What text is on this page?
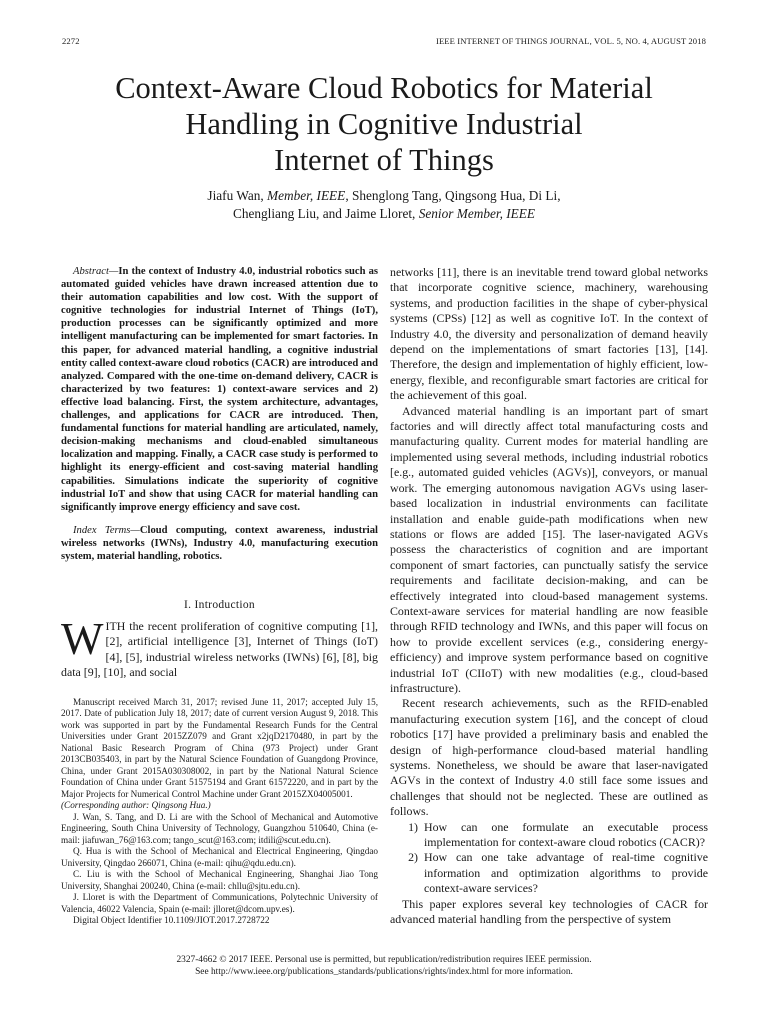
2272	IEEE INTERNET OF THINGS JOURNAL, VOL. 5, NO. 4, AUGUST 2018
Context-Aware Cloud Robotics for Material
Handling in Cognitive Industrial
Internet of Things
Jiafu Wan, Member, IEEE, Shenglong Tang, Qingsong Hua, Di Li,
Chengliang Liu, and Jaime Lloret, Senior Member, IEEE

Abstract—In the context of Industry 4.0, industrial robotics such as automated guided vehicles have drawn increased attention due to their automation capabilities and low cost. With the support of cognitive technologies for industrial Internet of Things (IoT), production processes can be significantly optimized and more intelligent manufacturing can be implemented for smart factories. In this paper, for advanced material handling, a cognitive industrial entity called context-aware cloud robotics (CACR) are introduced and analyzed. Compared with the one-time on-demand delivery, CACR is characterized by two features: 1) context-aware services and 2) effective load balancing. First, the system architecture, advantages, challenges, and applications for CACR are introduced. Then, fundamental functions for material handling are articulated, namely, decision-making mechanisms and cloud-enabled simultaneous localization and mapping. Finally, a CACR case study is performed to highlight its energy-efficient and cost-saving material handling capabilities. Simulations indicate the superiority of cognitive industrial IoT and show that using CACR for material handling can significantly improve energy efficiency and save cost.

Index Terms—Cloud computing, context awareness, industrial wireless networks (IWNs), Industry 4.0, manufacturing execution system, material handling, robotics.

I. Introduction
W ITH the recent proliferation of cognitive computing [1], [2], artificial intelligence [3], Internet of Things (IoT) [4], [5], industrial wireless networks (IWNs) [6], [8], big data [9], [10], and social

Manuscript received March 31, 2017; revised June 11, 2017; accepted July 15, 2017. Date of publication July 18, 2017; date of current version August 9, 2018. This work was supported in part by the Fundamental Research Funds for the Central Universities under Grant 2015ZZ079 and Grant x2jqD2170480, in part by the National Basic Research Program of China (973 Project) under Grant 2013CB035403, in part by the Natural Science Foundation of Guangdong Province, China, under Grant 2015A030308002, in part by the National Natural Science Foundation of China under Grant 51575194 and Grant 61572220, and in part by the Major Projects for Numerical Control Machine under Grant 2015ZX04005001.
(Corresponding author: Qingsong Hua.)

J. Wan, S. Tang, and D. Li are with the School of Mechanical and Automotive Engineering, South China University of Technology, Guangzhou 510640, China (e-mail: jiafuwan_76@163.com; tango_scut@163.com; itdili@scut.edu.cn).

Q. Hua is with the School of Mechanical and Electrical Engineering, Qingdao University, Qingdao 266071, China (e-mail: qihu@qdu.edu.cn).

C. Liu is with the School of Mechanical Engineering, Shanghai Jiao Tong University, Shanghai 200240, China (e-mail: chllu@sjtu.edu.cn).

J. Lloret is with the Department of Communications, Polytechnic University of Valencia, 46022 Valencia, Spain (e-mail: jlloret@dcom.upv.es).

Digital Object Identifier 10.1109/JIOT.2017.2728722

networks [11], there is an inevitable trend toward global networks that incorporate cognitive science, machinery, warehousing systems, and production facilities in the shape of cyber-physical systems (CPSs) [12] as well as cognitive IoT. In the context of Industry 4.0, the diversity and personalization of demand heavily depend on the implementations of smart factories [13], [14]. Therefore, the design and implementation of highly efficient, low-energy, flexible, and reconfigurable smart factories are critical for the achievement of this goal.

Advanced material handling is an important part of smart factories and will directly affect total manufacturing costs and manufacturing quality. Current modes for material handling are implemented using several methods, including industrial robotics [e.g., automated guided vehicles (AGVs)], conveyors, or manual work. The emerging autonomous navigation AGVs using laser-based localization in industrial environments can facilitate installation and enable guide-path modifications when new stations or flows are added [15]. The laser-navigated AGVs possess the characteristics of cognition and are important component of smart factories, can punctually satisfy the service requirements and facilitate decision-making, and can be effectively integrated into cloud-based management systems. Context-aware services for material handling are now feasible through RFID technology and IWNs, and this paper will focus on how to provide excellent services (e.g., considering energy-efficiency) and improve system performance based on cognitive industrial IoT (CIIoT) with new modalities (e.g., cloud-based infrastructure).

Recent research achievements, such as the RFID-enabled manufacturing execution system [16], and the concept of cloud robotics [17] have provided a preliminary basis and enabled the design of high-performance cloud-based material handling systems. Nonetheless, we should be aware that laser-navigated AGVs in the context of Industry 4.0 still face some issues and challenges that should not be neglected. These are outlined as follows.

1) How can one formulate an executable process implementation for context-aware cloud robotics (CACR)?
2) How can one take advantage of real-time cognitive information and optimization algorithms to provide context-aware services?

This paper explores several key technologies of CACR for advanced material handling from the perspective of system

2327-4662 © 2017 IEEE. Personal use is permitted, but republication/redistribution requires IEEE permission.
See http://www.ieee.org/publications_standards/publications/rights/index.html for more information.
